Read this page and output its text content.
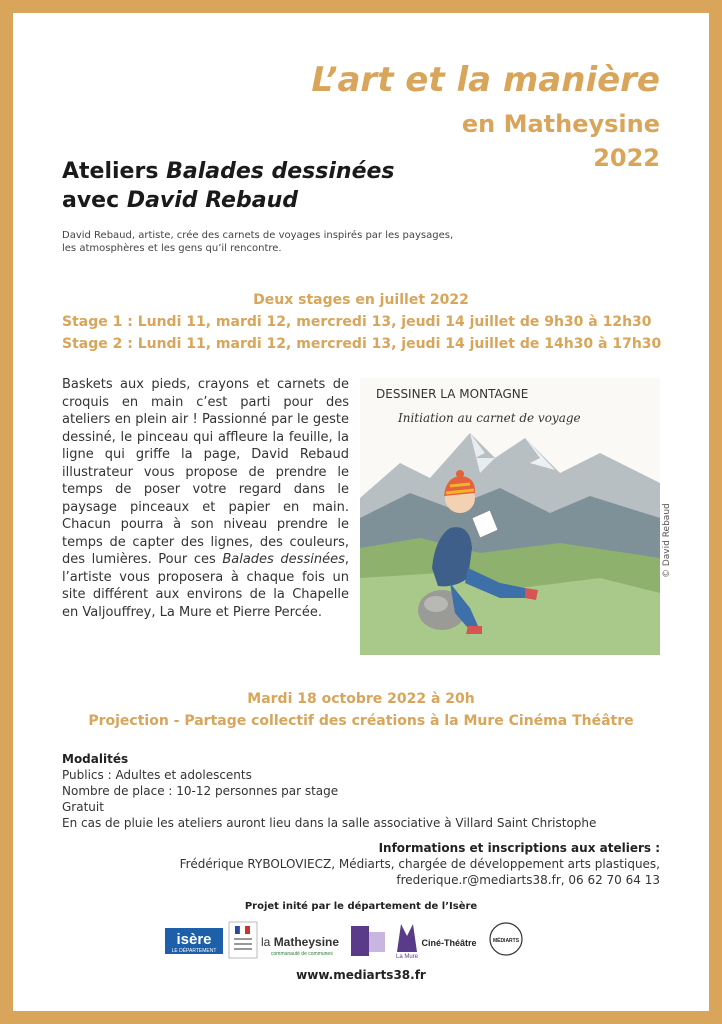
L’art et la manière
en Matheysine
2022
Ateliers Balades dessinées
avec David Rebaud
David Rebaud, artiste, crée des carnets de voyages inspirés par les paysages,
les atmosphères et les gens qu’il rencontre.
Deux stages en juillet 2022
Stage 1 : Lundi 11, mardi 12, mercredi 13, jeudi 14 juillet de 9h30 à 12h30
Stage 2 : Lundi 11, mardi 12, mercredi 13, jeudi 14 juillet de 14h30 à 17h30
Baskets aux pieds, crayons et carnets de croquis en main c’est parti pour des ateliers en plein air ! Passionné par le geste dessiné, le pinceau qui affleure la feuille, la ligne qui griffe la page, David Rebaud illustrateur vous propose de prendre le temps de poser votre regard dans le paysage pinceaux et papier en main. Chacun pourra à son niveau prendre le temps de capter des lignes, des couleurs, des lumières. Pour ces Balades dessinées, l’artiste vous proposera à chaque fois un site différent aux environs de la Chapelle en Valjouffrey, La Mure et Pierre Percée.
DESSINER LA MONTAGNE
Initiation au carnet de voyage
© David Rebaud
Mardi 18 octobre 2022 à 20h
Projection - Partage collectif des créations à la Mure Cinéma Théâtre
Modalités
Publics : Adultes et adolescents
Nombre de place : 10-12 personnes par stage
Gratuit
En cas de pluie les ateliers auront lieu dans la salle associative à Villard Saint Christophe
Informations et inscriptions aux ateliers :
Frédérique RYBOLOVIECZ, Médiarts, chargée de développement arts plastiques,
frederique.r@mediarts38.fr, 06 62 70 64 13
Projet inité par le département de l’Isère
isère
LE DÉPARTEMENT
la Matheysine
communauté de communes	La Mure
Ciné-Théâtre	MÉDIARTS
www.mediarts38.fr
